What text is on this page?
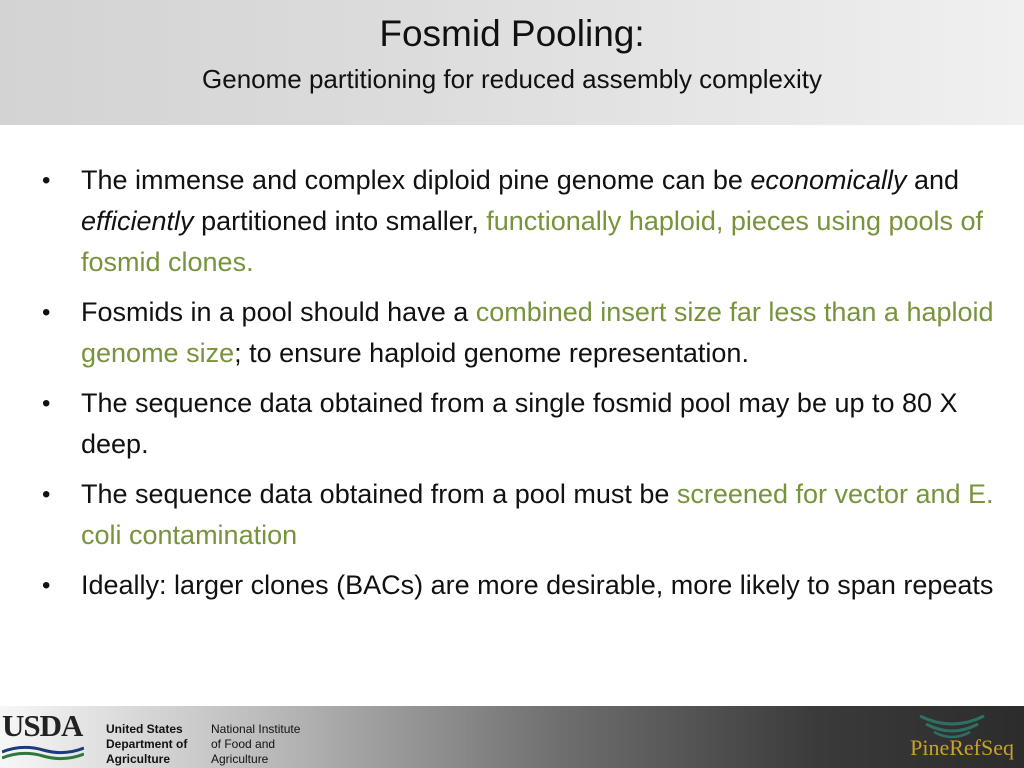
Fosmid Pooling:
Genome partitioning for reduced assembly complexity
• The immense and complex diploid pine genome can be economically and efficiently partitioned into smaller, functionally haploid, pieces using pools of fosmid clones.
• Fosmids in a pool should have a combined insert size far less than a haploid genome size; to ensure haploid genome representation.
• The sequence data obtained from a single fosmid pool may be up to 80 X deep.
• The sequence data obtained from a pool must be screened for vector and E. coli contamination
• Ideally: larger clones (BACs) are more desirable, more likely to span repeats
USDA United States
Department of
Agriculture
National Institute
of Food and
Agriculture	PineRefSeq
